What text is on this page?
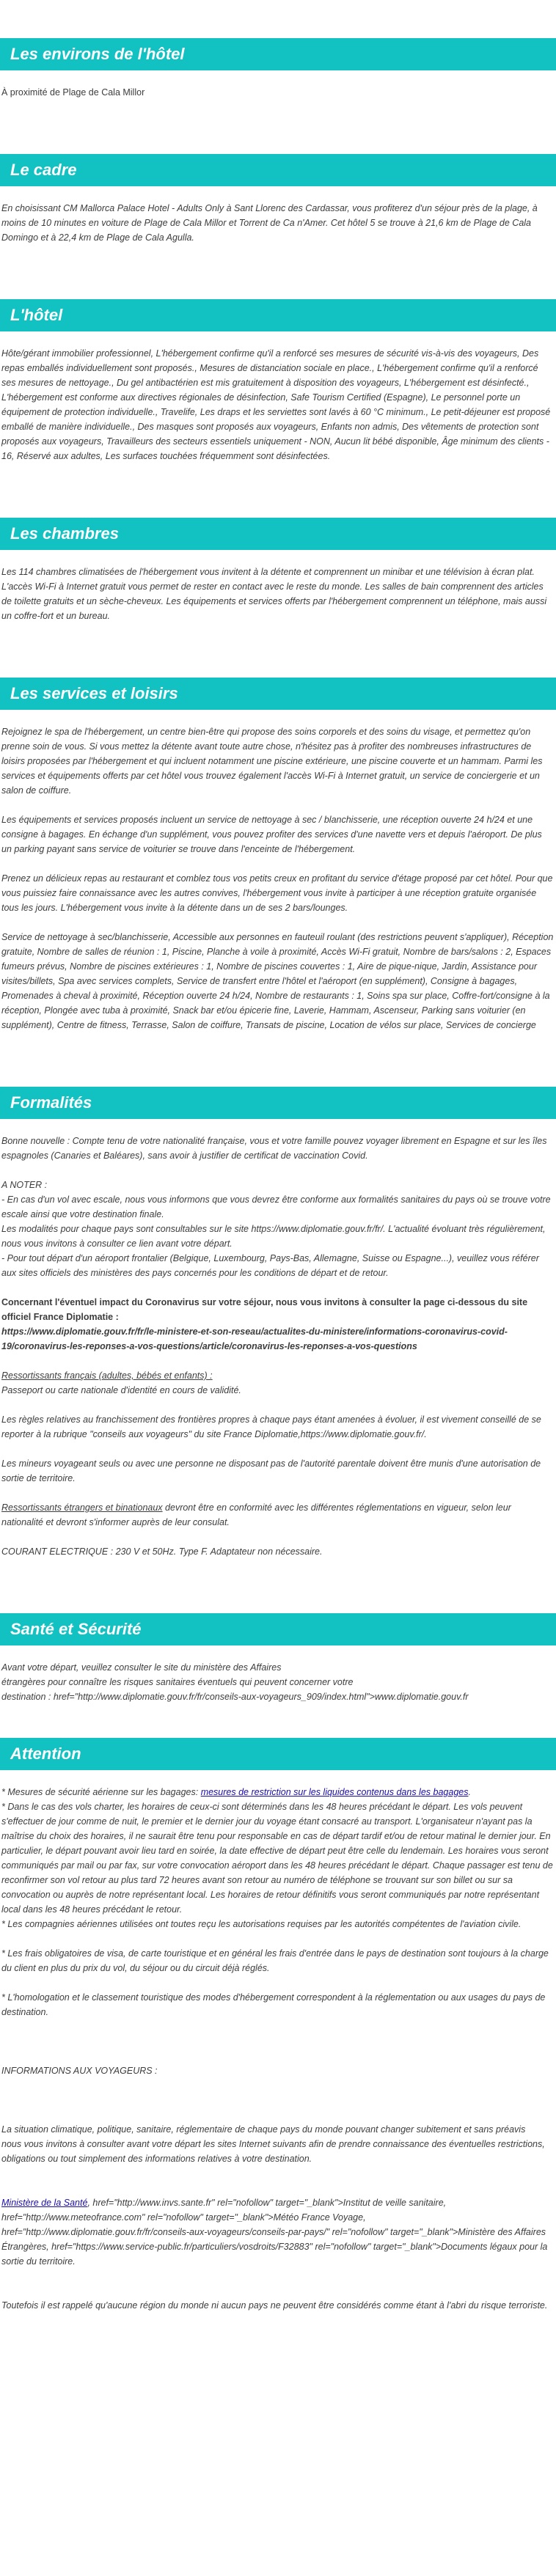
Les environs de l'hôtel

À proximité de Plage de Cala Millor

Le cadre

En choisissant CM Mallorca Palace Hotel - Adults Only à Sant Llorenc des Cardassar, vous profiterez d'un séjour près de la plage, à moins de 10 minutes en voiture de Plage de Cala Millor et Torrent de Ca n'Amer. Cet hôtel 5 se trouve à 21,6 km de Plage de Cala Domingo et à 22,4 km de Plage de Cala Agulla.

L'hôtel

Hôte/gérant immobilier professionnel, L'hébergement confirme qu'il a renforcé ses mesures de sécurité vis-à-vis des voyageurs, Des repas emballés individuellement sont proposés., Mesures de distanciation sociale en place., L'hébergement confirme qu'il a renforcé ses mesures de nettoyage., Du gel antibactérien est mis gratuitement à disposition des voyageurs, L'hébergement est désinfecté., L'hébergement est conforme aux directives régionales de désinfection, Safe Tourism Certified (Espagne), Le personnel porte un équipement de protection individuelle., Travelife, Les draps et les serviettes sont lavés à 60 °C minimum., Le petit-déjeuner est proposé emballé de manière individuelle., Des masques sont proposés aux voyageurs, Enfants non admis, Des vêtements de protection sont proposés aux voyageurs, Travailleurs des secteurs essentiels uniquement - NON, Aucun lit bébé disponible, Âge minimum des clients - 16, Réservé aux adultes, Les surfaces touchées fréquemment sont désinfectées.

Les chambres

Les 114 chambres climatisées de l'hébergement vous invitent à la détente et comprennent un minibar et une télévision à écran plat. L'accès Wi-Fi à Internet gratuit vous permet de rester en contact avec le reste du monde. Les salles de bain comprennent des articles de toilette gratuits et un sèche-cheveux. Les équipements et services offerts par l'hébergement comprennent un téléphone, mais aussi un coffre-fort et un bureau.

Les services et loisirs

Rejoignez le spa de l'hébergement, un centre bien-être qui propose des soins corporels et des soins du visage, et permettez qu'on prenne soin de vous. Si vous mettez la détente avant toute autre chose, n'hésitez pas à profiter des nombreuses infrastructures de loisirs proposées par l'hébergement et qui incluent notamment une piscine extérieure, une piscine couverte et un hammam. Parmi les services et équipements offerts par cet hôtel vous trouvez également l'accès Wi-Fi à Internet gratuit, un service de conciergerie et un salon de coiffure.

Les équipements et services proposés incluent un service de nettoyage à sec / blanchisserie, une réception ouverte 24 h/24 et une consigne à bagages. En échange d'un supplément, vous pouvez profiter des services d'une navette vers et depuis l'aéroport. De plus un parking payant sans service de voiturier se trouve dans l'enceinte de l'hébergement.

Prenez un délicieux repas au restaurant et comblez tous vos petits creux en profitant du service d'étage proposé par cet hôtel. Pour que vous puissiez faire connaissance avec les autres convives, l'hébergement vous invite à participer à une réception gratuite organisée tous les jours. L'hébergement vous invite à la détente dans un de ses 2 bars/lounges.

Service de nettoyage à sec/blanchisserie, Accessible aux personnes en fauteuil roulant (des restrictions peuvent s'appliquer), Réception gratuite, Nombre de salles de réunion : 1, Piscine, Planche à voile à proximité, Accès Wi-Fi gratuit, Nombre de bars/salons : 2, Espaces fumeurs prévus, Nombre de piscines extérieures : 1, Nombre de piscines couvertes : 1, Aire de pique-nique, Jardin, Assistance pour visites/billets, Spa avec services complets, Service de transfert entre l'hôtel et l'aéroport (en supplément), Consigne à bagages, Promenades à cheval à proximité, Réception ouverte 24 h/24, Nombre de restaurants : 1, Soins spa sur place, Coffre-fort/consigne à la réception, Plongée avec tuba à proximité, Snack bar et/ou épicerie fine, Laverie, Hammam, Ascenseur, Parking sans voiturier (en supplément), Centre de fitness, Terrasse, Salon de coiffure, Transats de piscine, Location de vélos sur place, Services de concierge

Formalités

Bonne nouvelle : Compte tenu de votre nationalité française, vous et votre famille pouvez voyager librement en Espagne et sur les îles espagnoles (Canaries et Baléares), sans avoir à justifier de certificat de vaccination Covid.

A NOTER :
- En cas d'un vol avec escale, nous vous informons que vous devrez être conforme aux formalités sanitaires du pays où se trouve votre escale ainsi que votre destination finale.
Les modalités pour chaque pays sont consultables sur le site https://www.diplomatie.gouv.fr/fr/. L'actualité évoluant très régulièrement, nous vous invitons à consulter ce lien avant votre départ.
- Pour tout départ d'un aéroport frontalier (Belgique, Luxembourg, Pays-Bas, Allemagne, Suisse ou Espagne...), veuillez vous référer aux sites officiels des ministères des pays concernés pour les conditions de départ et de retour.
Concernant l'éventuel impact du Coronavirus sur votre séjour, nous vous invitons à consulter la page ci-dessous du site officiel France Diplomatie :

https://www.diplomatie.gouv.fr/fr/le-ministere-et-son-reseau/actualites-du-ministere/informations-coronavirus-covid-19/coronavirus-les-reponses-a-vos-questions/article/coronavirus-les-reponses-a-vos-questions

Ressortissants français (adultes, bébés et enfants) :

Passeport ou carte nationale d'identité en cours de validité.

Les règles relatives au franchissement des frontières propres à chaque pays étant amenées à évoluer, il est vivement conseillé de se reporter à la rubrique "conseils aux voyageurs" du site France Diplomatie,https://www.diplomatie.gouv.fr/.

Les mineurs voyageant seuls ou avec une personne ne disposant pas de l'autorité parentale doivent être munis d'une autorisation de sortie de territoire.

Ressortissants étrangers et binationaux devront être en conformité avec les différentes réglementations en vigueur, selon leur nationalité et devront s'informer auprès de leur consulat.

COURANT ELECTRIQUE : 230 V et 50Hz. Type F. Adaptateur non nécessaire.

Santé et Sécurité
Avant votre départ, veuillez consulter le site du ministère des Affaires
étrangères pour connaître les risques sanitaires éventuels qui peuvent concerner votre
destination : href="http://www.diplomatie.gouv.fr/fr/conseils-aux-voyageurs_909/index.html">www.diplomatie.gouv.fr
Attention
* Mesures de sécurité aérienne sur les bagages: mesures de restriction sur les liquides contenus dans les bagages.
* Dans le cas des vols charter, les horaires de ceux-ci sont déterminés dans les 48 heures précédant le départ. Les vols peuvent s'effectuer de jour comme de nuit, le premier et le dernier jour du voyage étant consacré au transport. L'organisateur n'ayant pas la maîtrise du choix des horaires, il ne saurait être tenu pour responsable en cas de départ tardif et/ou de retour matinal le dernier jour. En particulier, le départ pouvant avoir lieu tard en soirée, la date effective de départ peut être celle du lendemain. Les horaires vous seront communiqués par mail ou par fax, sur votre convocation aéroport dans les 48 heures précédant le départ. Chaque passager est tenu de reconfirmer son vol retour au plus tard 72 heures avant son retour au numéro de téléphone se trouvant sur son billet ou sur sa convocation ou auprès de notre représentant local. Les horaires de retour définitifs vous seront communiqués par notre représentant local dans les 48 heures précédant le retour.

* Les compagnies aériennes utilisées ont toutes reçu les autorisations requises par les autorités compétentes de l'aviation civile.

* Les frais obligatoires de visa, de carte touristique et en général les frais d'entrée dans le pays de destination sont toujours à la charge du client en plus du prix du vol, du séjour ou du circuit déjà réglés.

* L'homologation et le classement touristique des modes d'hébergement correspondent à la réglementation ou aux usages du pays de destination.

INFORMATIONS AUX VOYAGEURS :

La situation climatique, politique, sanitaire, réglementaire de chaque pays du monde pouvant changer subitement et sans préavis

nous vous invitons à consulter avant votre départ les sites Internet suivants afin de prendre connaissance des éventuelles restrictions, obligations ou tout simplement des informations relatives à votre destination.

Ministère de la Santé, href="http://www.invs.sante.fr" rel="nofollow" target="_blank">Institut de veille sanitaire, href="http://www.meteofrance.com" rel="nofollow" target="_blank">Météo France Voyage, href="http://www.diplomatie.gouv.fr/fr/conseils-aux-voyageurs/conseils-par-pays/" rel="nofollow" target="_blank">Ministère des Affaires Étrangères, href="https://www.service-public.fr/particuliers/vosdroits/F32883" rel="nofollow" target="_blank">Documents légaux pour la sortie du territoire.

Toutefois il est rappelé qu'aucune région du monde ni aucun pays ne peuvent être considérés comme étant à l'abri du risque terroriste.
